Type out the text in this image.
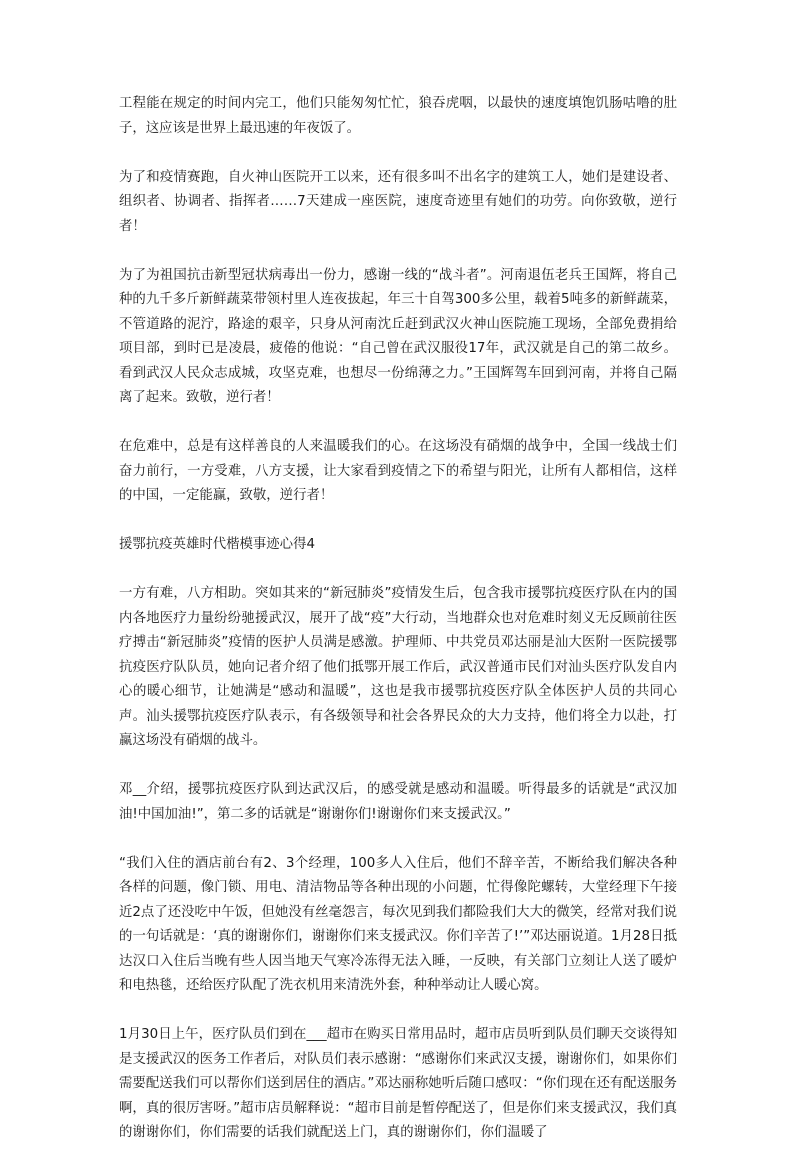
工程能在规定的时间内完工，他们只能匆匆忙忙，狼吞虎咽，以最快的速度填饱饥肠咕噜的肚子，这应该是世界上最迅速的年夜饭了。

为了和疫情赛跑，自火神山医院开工以来，还有很多叫不出名字的建筑工人，她们是建设者、组织者、协调者、指挥者……7天建成一座医院，速度奇迹里有她们的功劳。向你致敬，逆行者！

为了为祖国抗击新型冠状病毒出一份力，感谢一线的“战斗者”。河南退伍老兵王国辉，将自己种的九千多斤新鲜蔬菜带领村里人连夜拔起，年三十自驾300多公里，载着5吨多的新鲜蔬菜，不管道路的泥泞，路途的艰辛，只身从河南沈丘赶到武汉火神山医院施工现场，全部免费捐给项目部，到时已是凌晨，疲倦的他说：“自己曾在武汉服役17年，武汉就是自己的第二故乡。看到武汉人民众志成城，攻坚克难，也想尽一份绵薄之力。”王国辉驾车回到河南，并将自己隔离了起来。致敬，逆行者！

在危难中，总是有这样善良的人来温暖我们的心。在这场没有硝烟的战争中，全国一线战士们奋力前行，一方受难，八方支援，让大家看到疫情之下的希望与阳光，让所有人都相信，这样的中国，一定能赢，致敬，逆行者！

援鄂抗疫英雄时代楷模事迹心得4

一方有难，八方相助。突如其来的“新冠肺炎”疫情发生后，包含我市援鄂抗疫医疗队在内的国内各地医疗力量纷纷驰援武汉，展开了战“疫”大行动，当地群众也对危难时刻义无反顾前往医疗搏击“新冠肺炎”疫情的医护人员满是感激。护理师、中共党员邓达丽是汕大医附一医院援鄂抗疫医疗队队员，她向记者介绍了他们抵鄂开展工作后，武汉普通市民们对汕头医疗队发自内心的暖心细节，让她满是“感动和温暖”，这也是我市援鄂抗疫医疗队全体医护人员的共同心声。汕头援鄂抗疫医疗队表示，有各级领导和社会各界民众的大力支持，他们将全力以赴，打赢这场没有硝烟的战斗。

邓__介绍，援鄂抗疫医疗队到达武汉后，的感受就是感动和温暖。听得最多的话就是“武汉加油!中国加油!”，第二多的话就是“谢谢你们!谢谢你们来支援武汉。”

“我们入住的酒店前台有2、3个经理，100多人入住后，他们不辞辛苦，不断给我们解决各种各样的问题，像门锁、用电、清洁物品等各种出现的小问题，忙得像陀螺转，大堂经理下午接近2点了还没吃中午饭，但她没有丝毫怨言，每次见到我们都险我们大大的微笑，经常对我们说的一句话就是：‘真的谢谢你们，谢谢你们来支援武汉。你们辛苦了!’”邓达丽说道。1月28日抵达汉口入住后当晚有些人因当地天气寒冷冻得无法入睡，一反映，有关部门立刻让人送了暖炉和电热毯，还给医疗队配了洗衣机用来清洗外套，种种举动让人暖心窝。

1月30日上午，医疗队员们到在___超市在购买日常用品时，超市店员听到队员们聊天交谈得知是支援武汉的医务工作者后，对队员们表示感谢：“感谢你们来武汉支援，谢谢你们，如果你们需要配送我们可以帮你们送到居住的酒店。”邓达丽称她听后随口感叹：“你们现在还有配送服务啊，真的很厉害呀。”超市店员解释说：“超市目前是暂停配送了，但是你们来支援武汉，我们真的谢谢你们，你们需要的话我们就配送上门，真的谢谢你们，你们温暖了
